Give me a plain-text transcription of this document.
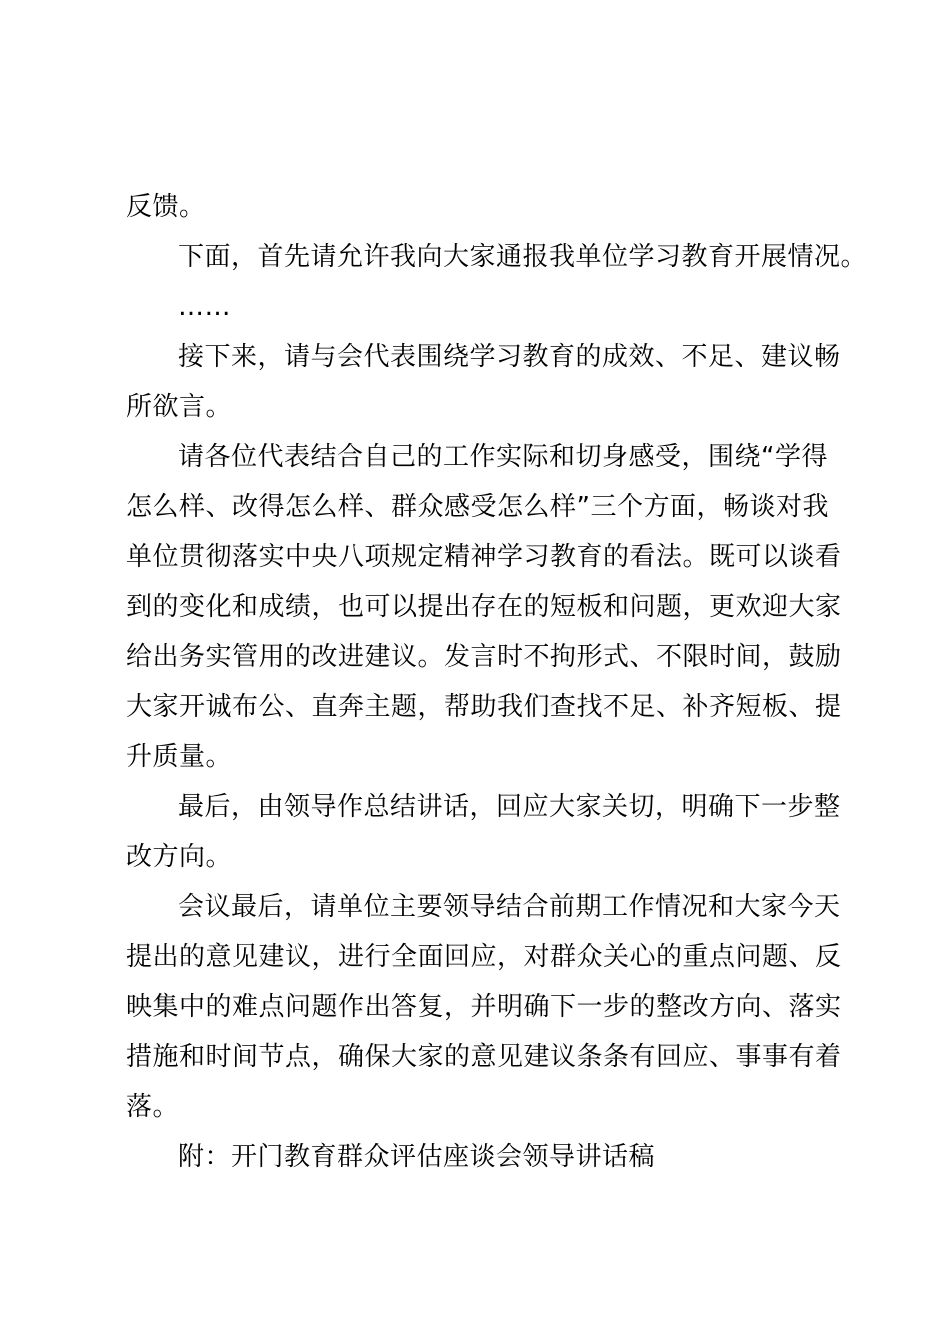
反馈。

下面，首先请允许我向大家通报我单位学习教育开展情况。

……

接下来，请与会代表围绕学习教育的成效、不足、建议畅

所欲言。

请各位代表结合自己的工作实际和切身感受，围绕“学得

怎么样、改得怎么样、群众感受怎么样”三个方面，畅谈对我

单位贯彻落实中央八项规定精神学习教育的看法。既可以谈看

到的变化和成绩，也可以提出存在的短板和问题，更欢迎大家

给出务实管用的改进建议。发言时不拘形式、不限时间，鼓励

大家开诚布公、直奔主题，帮助我们查找不足、补齐短板、提

升质量。

最后，由领导作总结讲话，回应大家关切，明确下一步整

改方向。

会议最后，请单位主要领导结合前期工作情况和大家今天

提出的意见建议，进行全面回应，对群众关心的重点问题、反

映集中的难点问题作出答复，并明确下一步的整改方向、落实

措施和时间节点，确保大家的意见建议条条有回应、事事有着

落。

附：开门教育群众评估座谈会领导讲话稿
